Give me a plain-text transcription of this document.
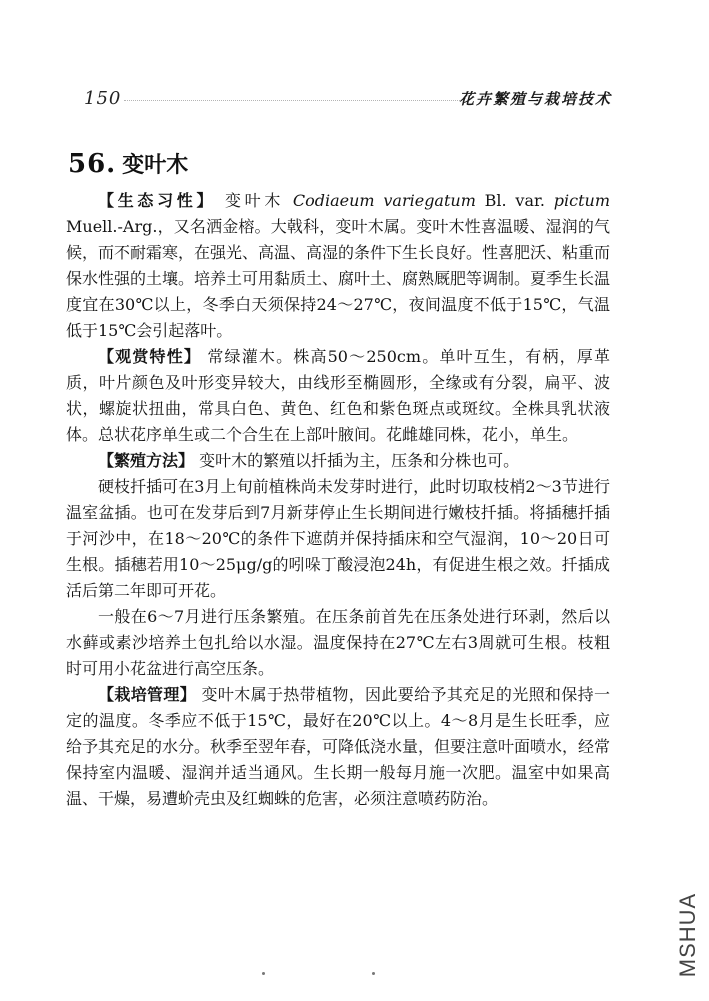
150	花卉繁殖与栽培技术
56. 变叶木

【生态习性】 变叶木 Codiaeum variegatum Bl. var. pictum Muell.-Arg.，又名洒金榕。大戟科，变叶木属。变叶木性喜温暖、湿润的气候，而不耐霜寒，在强光、高温、高湿的条件下生长良好。性喜肥沃、粘重而保水性强的土壤。培养土可用黏质土、腐叶土、腐熟厩肥等调制。夏季生长温度宜在30℃以上，冬季白天须保持24～27℃，夜间温度不低于15℃，气温低于15℃会引起落叶。

【观赏特性】 常绿灌木。株高50～250cm。单叶互生，有柄，厚革质，叶片颜色及叶形变异较大，由线形至椭圆形，全缘或有分裂，扁平、波状，螺旋状扭曲，常具白色、黄色、红色和紫色斑点或斑纹。全株具乳状液体。总状花序单生或二个合生在上部叶腋间。花雌雄同株，花小，单生。

【繁殖方法】 变叶木的繁殖以扦插为主，压条和分株也可。

硬枝扦插可在3月上旬前植株尚未发芽时进行，此时切取枝梢2～3节进行温室盆插。也可在发芽后到7月新芽停止生长期间进行嫩枝扦插。将插穗扦插于河沙中，在18～20℃的条件下遮荫并保持插床和空气湿润，10～20日可生根。插穗若用10～25μg/g的吲哚丁酸浸泡24h，有促进生根之效。扦插成活后第二年即可开花。

一般在6～7月进行压条繁殖。在压条前首先在压条处进行环剥，然后以水藓或素沙培养土包扎给以水湿。温度保持在27℃左右3周就可生根。枝粗时可用小花盆进行高空压条。

【栽培管理】 变叶木属于热带植物，因此要给予其充足的光照和保持一定的温度。冬季应不低于15℃，最好在20℃以上。4～8月是生长旺季，应给予其充足的水分。秋季至翌年春，可降低浇水量，但要注意叶面喷水，经常保持室内温暖、湿润并适当通风。生长期一般每月施一次肥。温室中如果高温、干燥，易遭蚧壳虫及红蜘蛛的危害，必须注意喷药防治。

MSHUA
